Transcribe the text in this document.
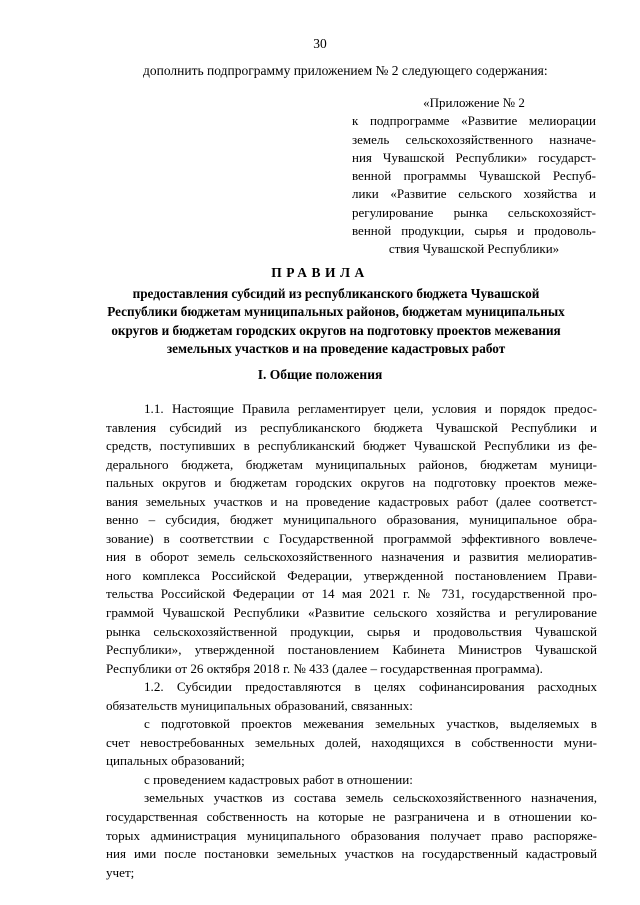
30
дополнить подпрограмму приложением № 2 следующего содержания:
«Приложение № 2
к подпрограмме «Развитие мелиорации
земель сельскохозяйственного назначе-
ния Чувашской Республики» государст-
венной программы Чувашской Респуб-
лики «Развитие сельского хозяйства и
регулирование рынка сельскохозяйст-
венной продукции, сырья и продоволь-
ствия Чувашской Республики»
ПРАВИЛА
предоставления субсидий из республиканского бюджета Чувашской
Республики бюджетам муниципальных районов, бюджетам муниципальных
округов и бюджетам городских округов на подготовку проектов межевания
земельных участков и на проведение кадастровых работ
I. Общие положения
1.1. Настоящие Правила регламентирует цели, условия и порядок предос-
тавления субсидий из республиканского бюджета Чувашской Республики и
средств, поступивших в республиканский бюджет Чувашской Республики из фе-
дерального бюджета, бюджетам муниципальных районов, бюджетам муници-
пальных округов и бюджетам городских округов на подготовку проектов меже-
вания земельных участков и на проведение кадастровых работ (далее соответст-
венно – субсидия, бюджет муниципального образования, муниципальное обра-
зование) в соответствии с Государственной программой эффективного вовлече-
ния в оборот земель сельскохозяйственного назначения и развития мелиоратив-
ного комплекса Российской Федерации, утвержденной постановлением Прави-
тельства Российской Федерации от 14 мая 2021 г. № 731, государственной про-
граммой Чувашской Республики «Развитие сельского хозяйства и регулирование
рынка сельскохозяйственной продукции, сырья и продовольствия Чувашской
Республики», утвержденной постановлением Кабинета Министров Чувашской
Республики от 26 октября 2018 г. № 433 (далее – государственная программа).
1.2. Субсидии предоставляются в целях софинансирования расходных
обязательств муниципальных образований, связанных:
с подготовкой проектов межевания земельных участков, выделяемых в
счет невостребованных земельных долей, находящихся в собственности муни-
ципальных образований;
с проведением кадастровых работ в отношении:
земельных участков из состава земель сельскохозяйственного назначения,
государственная собственность на которые не разграничена и в отношении ко-
торых администрация муниципального образования получает право распоряже-
ния ими после постановки земельных участков на государственный кадастровый
учет;
